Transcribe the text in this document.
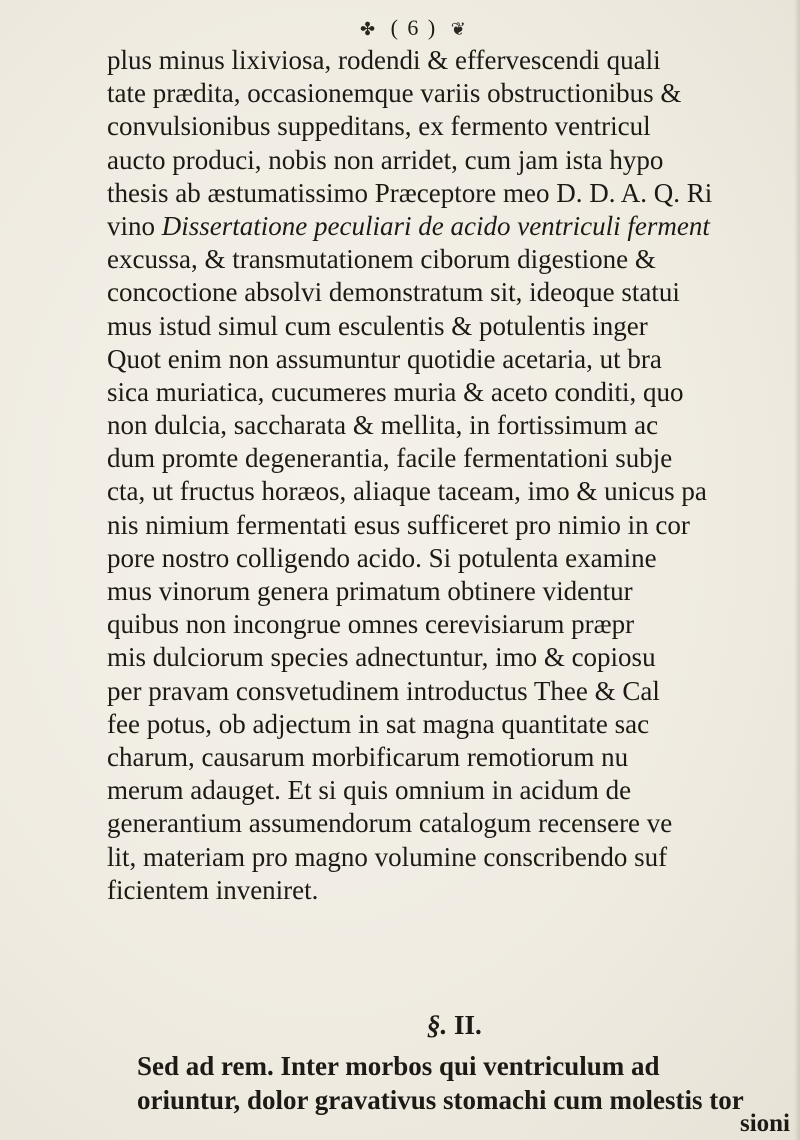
✤ ( 6 ) ❦
plus minus lixiviosa, rodendi & effervescendi quali
tate prædita, occasionemque variis obstructionibus &
convulsionibus suppeditans, ex fermento ventricul
aucto produci, nobis non arridet, cum jam ista hypo
thesis ab æstumatissimo Præceptore meo D. D. A. Q. Ri
vino Dissertatione peculiari de acido ventriculi ferment
excussa, & transmutationem ciborum digestione &
concoctione absolvi demonstratum sit, ideoque statui
mus istud simul cum esculentis & potulentis inger
Quot enim non assumuntur quotidie acetaria, ut bra
sica muriatica, cucumeres muria & aceto conditi, quo
non dulcia, saccharata & mellita, in fortissimum ac
dum promte degenerantia, facile fermentationi subje
cta, ut fructus horæos, aliaque taceam, imo & unicus pa
nis nimium fermentati esus sufficeret pro nimio in cor
pore nostro colligendo acido. Si potulenta examine
mus vinorum genera primatum obtinere videntur
quibus non incongrue omnes cerevisiarum præpr
mis dulciorum species adnectuntur, imo & copiosu
per pravam consvetudinem introductus Thee & Cal
fee potus, ob adjectum in sat magna quantitate sac
charum, causarum morbificarum remotiorum nu
merum adauget. Et si quis omnium in acidum de
generantium assumendorum catalogum recensere ve
lit, materiam pro magno volumine conscribendo suf
ficientem inveniret.
§. II.
Sed ad rem. Inter morbos qui ventriculum ad
oriuntur, dolor gravativus stomachi cum molestis tor
sioni
